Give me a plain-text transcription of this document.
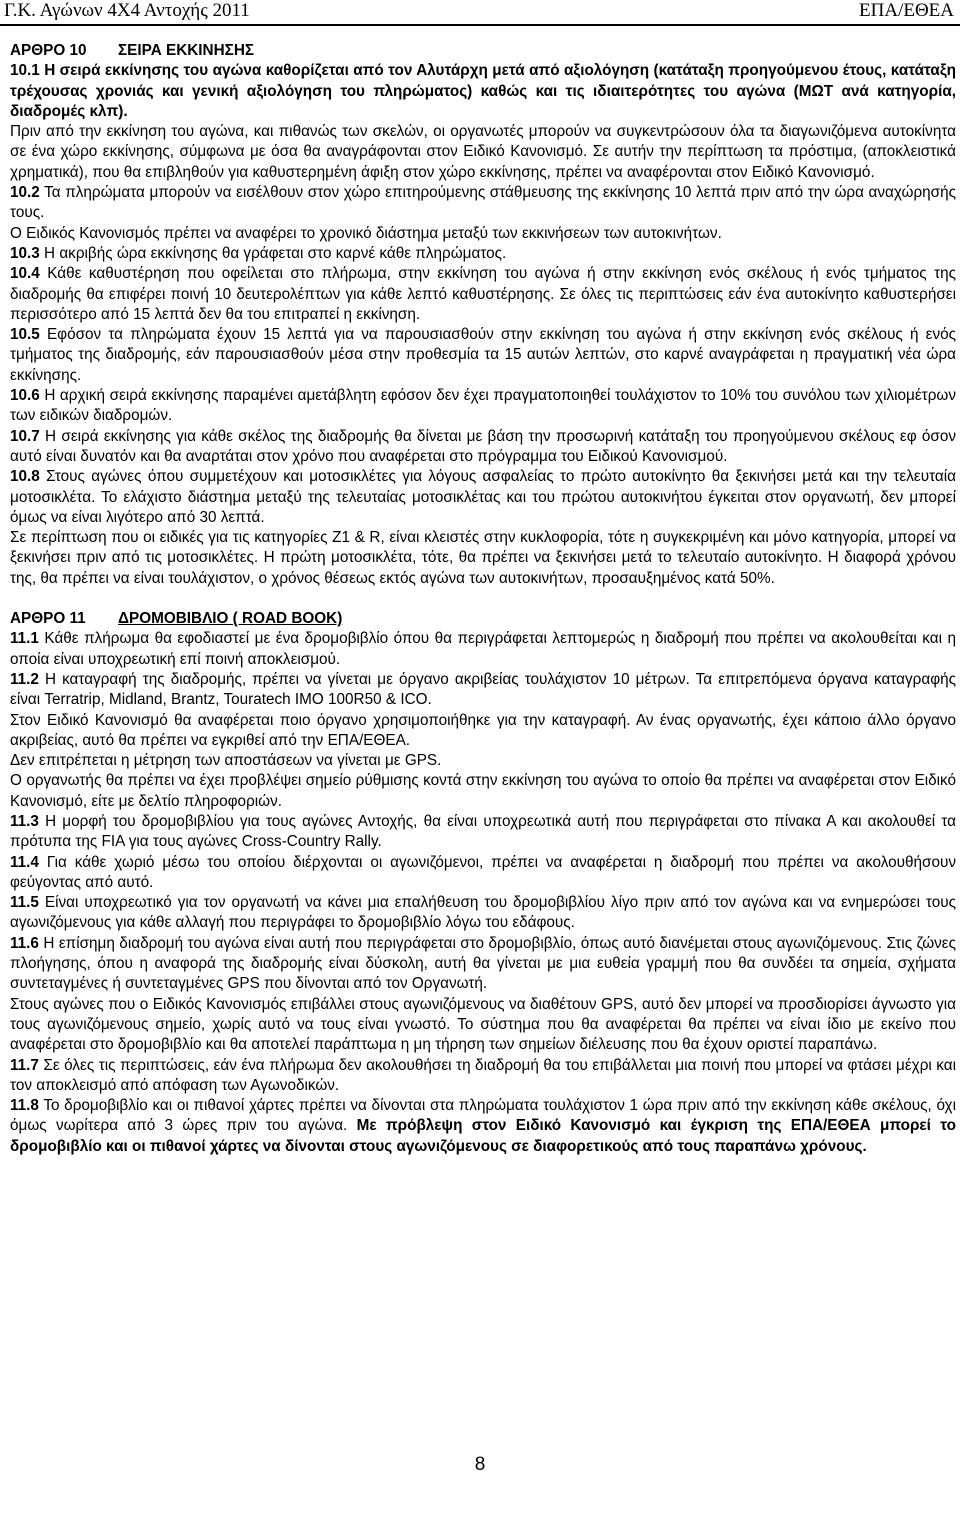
Γ.Κ. Αγώνων 4Χ4 Αντοχής 2011	ΕΠΑ/ΕΘΕΑ

ΑΡΘΡΟ 10 ΣΕΙΡΑ ΕΚΚΙΝΗΣΗΣ

10.1 Η σειρά εκκίνησης του αγώνα καθορίζεται από τον Αλυτάρχη μετά από αξιολόγηση (κατάταξη προηγούμενου έτους, κατάταξη τρέχουσας χρονιάς και γενική αξιολόγηση του πληρώματος) καθώς και τις ιδιαιτερότητες του αγώνα (ΜΩΤ ανά κατηγορία, διαδρομές κλπ).

Πριν από την εκκίνηση του αγώνα, και πιθανώς των σκελών, οι οργανωτές μπορούν να συγκεντρώσουν όλα τα διαγωνιζόμενα αυτοκίνητα σε ένα χώρο εκκίνησης, σύμφωνα με όσα θα αναγράφονται στον Ειδικό Κανονισμό. Σε αυτήν την περίπτωση τα πρόστιμα, (αποκλειστικά χρηματικά), που θα επιβληθούν για καθυστερημένη άφιξη στον χώρο εκκίνησης, πρέπει να αναφέρονται στον Ειδικό Κανονισμό.

10.2 Τα πληρώματα μπορούν να εισέλθουν στον χώρο επιτηρούμενης στάθμευσης της εκκίνησης 10 λεπτά πριν από την ώρα αναχώρησής τους.

Ο Ειδικός Κανονισμός πρέπει να αναφέρει το χρονικό διάστημα μεταξύ των εκκινήσεων των αυτοκινήτων.

10.3 Η ακριβής ώρα εκκίνησης θα γράφεται στο καρνέ κάθε πληρώματος.

10.4 Κάθε καθυστέρηση που οφείλεται στο πλήρωμα, στην εκκίνηση του αγώνα ή στην εκκίνηση ενός σκέλους ή ενός τμήματος της διαδρομής θα επιφέρει ποινή 10 δευτερολέπτων για κάθε λεπτό καθυστέρησης. Σε όλες τις περιπτώσεις εάν ένα αυτοκίνητο καθυστερήσει περισσότερο από 15 λεπτά δεν θα του επιτραπεί η εκκίνηση.

10.5 Εφόσον τα πληρώματα έχουν 15 λεπτά για να παρουσιασθούν στην εκκίνηση του αγώνα ή στην εκκίνηση ενός σκέλους ή ενός τμήματος της διαδρομής, εάν παρουσιασθούν μέσα στην προθεσμία τα 15 αυτών λεπτών, στο καρνέ αναγράφεται η πραγματική νέα ώρα εκκίνησης.

10.6 Η αρχική σειρά εκκίνησης παραμένει αμετάβλητη εφόσον δεν έχει πραγματοποιηθεί τουλάχιστον το 10% του συνόλου των χιλιομέτρων των ειδικών διαδρομών.

10.7 Η σειρά εκκίνησης για κάθε σκέλος της διαδρομής θα δίνεται με βάση την προσωρινή κατάταξη του προηγούμενου σκέλους εφ όσον αυτό είναι δυνατόν και θα αναρτάται στον χρόνο που αναφέρεται στο πρόγραμμα του Ειδικού Κανονισμού.

10.8 Στους αγώνες όπου συμμετέχουν και μοτοσικλέτες για λόγους ασφαλείας το πρώτο αυτοκίνητο θα ξεκινήσει μετά και την τελευταία μοτοσικλέτα. Το ελάχιστο διάστημα μεταξύ της τελευταίας μοτοσικλέτας και του πρώτου αυτοκινήτου έγκειται στον οργανωτή, δεν μπορεί όμως να είναι λιγότερο από 30 λεπτά.

Σε περίπτωση που οι ειδικές για τις κατηγορίες Z1 & R, είναι κλειστές στην κυκλοφορία, τότε η συγκεκριμένη και μόνο κατηγορία, μπορεί να ξεκινήσει πριν από τις μοτοσικλέτες. Η πρώτη μοτοσικλέτα, τότε, θα πρέπει να ξεκινήσει μετά το τελευταίο αυτοκίνητο. Η διαφορά χρόνου της, θα πρέπει να είναι τουλάχιστον, ο χρόνος θέσεως εκτός αγώνα των αυτοκινήτων, προσαυξημένος κατά 50%.

ΑΡΘΡΟ 11 ΔΡΟΜΟΒΙΒΛΙΟ ( ROAD BOOK)

11.1 Κάθε πλήρωμα θα εφοδιαστεί με ένα δρομοβιβλίο όπου θα περιγράφεται λεπτομερώς η διαδρομή που πρέπει να ακολουθείται και η οποία είναι υποχρεωτική επί ποινή αποκλεισμού.

11.2 Η καταγραφή της διαδρομής, πρέπει να γίνεται με όργανο ακριβείας τουλάχιστον 10 μέτρων. Τα επιτρεπόμενα όργανα καταγραφής είναι Terratrip, Midland, Brantz, Touratech IMO 100R50 & ICO.

Στον Ειδικό Κανονισμό θα αναφέρεται ποιο όργανο χρησιμοποιήθηκε για την καταγραφή. Αν ένας οργανωτής, έχει κάποιο άλλο όργανο ακριβείας, αυτό θα πρέπει να εγκριθεί από την ΕΠΑ/ΕΘΕΑ.

Δεν επιτρέπεται η μέτρηση των αποστάσεων να γίνεται με GPS.

Ο οργανωτής θα πρέπει να έχει προβλέψει σημείο ρύθμισης κοντά στην εκκίνηση του αγώνα το οποίο θα πρέπει να αναφέρεται στον Ειδικό Κανονισμό, είτε με δελτίο πληροφοριών.

11.3 Η μορφή του δρομοβιβλίου για τους αγώνες Αντοχής, θα είναι υποχρεωτικά αυτή που περιγράφεται στο πίνακα Α και ακολουθεί τα πρότυπα της FIA για τους αγώνες Cross-Country Rally.

11.4 Για κάθε χωριό μέσω του οποίου διέρχονται οι αγωνιζόμενοι, πρέπει να αναφέρεται η διαδρομή που πρέπει να ακολουθήσουν φεύγοντας από αυτό.

11.5 Είναι υποχρεωτικό για τον οργανωτή να κάνει μια επαλήθευση του δρομοβιβλίου λίγο πριν από τον αγώνα και να ενημερώσει τους αγωνιζόμενους για κάθε αλλαγή που περιγράφει το δρομοβιβλίο λόγω του εδάφους.

11.6 Η επίσημη διαδρομή του αγώνα είναι αυτή που περιγράφεται στο δρομοβιβλίο, όπως αυτό διανέμεται στους αγωνιζόμενους. Στις ζώνες πλοήγησης, όπου η αναφορά της διαδρομής είναι δύσκολη, αυτή θα γίνεται με μια ευθεία γραμμή που θα συνδέει τα σημεία, σχήματα συντεταγμένες ή συντεταγμένες GPS που δίνονται από τον Οργανωτή.

Στους αγώνες που ο Ειδικός Κανονισμός επιβάλλει στους αγωνιζόμενους να διαθέτουν GPS, αυτό δεν μπορεί να προσδιορίσει άγνωστο για τους αγωνιζόμενους σημείο, χωρίς αυτό να τους είναι γνωστό. Το σύστημα που θα αναφέρεται θα πρέπει να είναι ίδιο με εκείνο που αναφέρεται στο δρομοβιβλίο και θα αποτελεί παράπτωμα η μη τήρηση των σημείων διέλευσης που θα έχουν οριστεί παραπάνω.

11.7 Σε όλες τις περιπτώσεις, εάν ένα πλήρωμα δεν ακολουθήσει τη διαδρομή θα του επιβάλλεται μια ποινή που μπορεί να φτάσει μέχρι και τον αποκλεισμό από απόφαση των Αγωνοδικών.

11.8 Το δρομοβιβλίο και οι πιθανοί χάρτες πρέπει να δίνονται στα πληρώματα τουλάχιστον 1 ώρα πριν από την εκκίνηση κάθε σκέλους, όχι όμως νωρίτερα από 3 ώρες πριν του αγώνα. Με πρόβλεψη στον Ειδικό Κανονισμό και έγκριση της ΕΠΑ/ΕΘΕΑ μπορεί το δρομοβιβλίο και οι πιθανοί χάρτες να δίνονται στους αγωνιζόμενους σε διαφορετικούς από τους παραπάνω χρόνους.

8
